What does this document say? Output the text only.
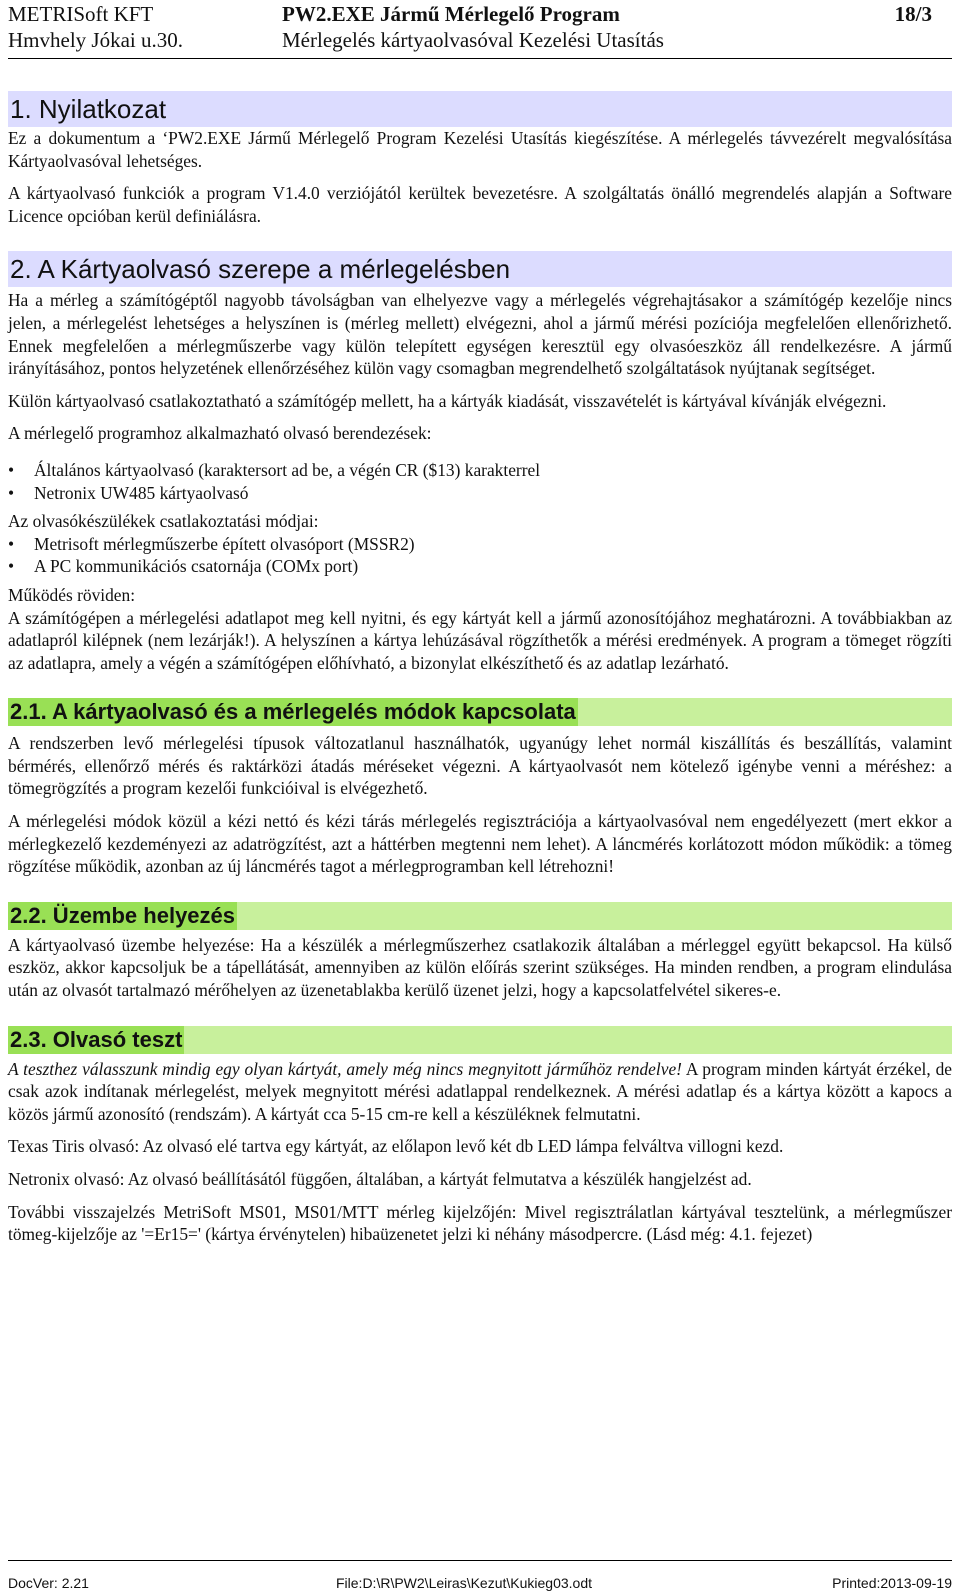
METRISoft KFT
Hmvhely Jókai u.30.
PW2.EXE Jármű Mérlegelő Program
Mérlegelés kártyaolvasóval Kezelési Utasítás
18/3
1. Nyilatkozat

Ez a dokumentum a ‘PW2.EXE Jármű Mérlegelő Program Kezelési Utasítás kiegészítése. A mérlegelés távvezérelt megvalósítása Kártyaolvasóval lehetséges.

A kártyaolvasó funkciók a program V1.4.0 verziójától kerültek bevezetésre. A szolgáltatás önálló megrendelés alapján a Software Licence opcióban kerül definiálásra.

2. A Kártyaolvasó szerepe a mérlegelésben

Ha a mérleg a számítógéptől nagyobb távolságban van elhelyezve vagy a mérlegelés végrehajtásakor a számítógép kezelője nincs jelen, a mérlegelést lehetséges a helyszínen is (mérleg mellett) elvégezni, ahol a jármű mérési pozíciója megfelelően ellenőrizhető. Ennek megfelelően a mérlegműszerbe vagy külön telepített egységen keresztül egy olvasóeszköz áll rendelkezésre. A jármű irányításához, pontos helyzetének ellenőrzéséhez külön vagy csomagban megrendelhető szolgáltatások nyújtanak segítséget.

Külön kártyaolvasó csatlakoztatható a számítógép mellett, ha a kártyák kiadását, visszavételét is kártyával kívánják elvégezni.

A mérlegelő programhoz alkalmazható olvasó berendezések:

• Általános kártyaolvasó (karaktersort ad be, a végén CR ($13) karakterrel
• Netronix UW485 kártyaolvasó

Az olvasókészülékek csatlakoztatási módjai:

• Metrisoft mérlegműszerbe épített olvasóport (MSSR2)
• A PC kommunikációs csatornája (COMx port)

Működés röviden:

A számítógépen a mérlegelési adatlapot meg kell nyitni, és egy kártyát kell a jármű azonosítójához meghatározni. A továbbiakban az adatlapról kilépnek (nem lezárják!). A helyszínen a kártya lehúzásával rögzíthetők a mérési eredmények. A program a tömeget rögzíti az adatlapra, amely a végén a számítógépen előhívható, a bizonylat elkészíthető és az adatlap lezárható.

2.1. A kártyaolvasó és a mérlegelés módok kapcsolata

A rendszerben levő mérlegelési típusok változatlanul használhatók, ugyanúgy lehet normál kiszállítás és beszállítás, valamint bérmérés, ellenőrző mérés és raktárközi átadás méréseket végezni. A kártyaolvasót nem kötelező igénybe venni a méréshez: a tömegrögzítés a program kezelői funkcióival is elvégezhető.

A mérlegelési módok közül a kézi nettó és kézi tárás mérlegelés regisztrációja a kártyaolvasóval nem engedélyezett (mert ekkor a mérlegkezelő kezdeményezi az adatrögzítést, azt a háttérben megtenni nem lehet). A láncmérés korlátozott módon működik: a tömeg rögzítése működik, azonban az új láncmérés tagot a mérlegprogramban kell létrehozni!

2.2. Üzembe helyezés

A kártyaolvasó üzembe helyezése: Ha a készülék a mérlegműszerhez csatlakozik általában a mérleggel együtt bekapcsol. Ha külső eszköz, akkor kapcsoljuk be a tápellátását, amennyiben az külön előírás szerint szükséges. Ha minden rendben, a program elindulása után az olvasót tartalmazó mérőhelyen az üzenetablakba kerülő üzenet jelzi, hogy a kapcsolatfelvétel sikeres-e.

2.3. Olvasó teszt

A teszthez válasszunk mindig egy olyan kártyát, amely még nincs megnyitott járműhöz rendelve! A program minden kártyát érzékel, de csak azok indítanak mérlegelést, melyek megnyitott mérési adatlappal rendelkeznek. A mérési adatlap és a kártya között a kapocs a közös jármű azonosító (rendszám). A kártyát cca 5-15 cm-re kell a készüléknek felmutatni.

Texas Tiris olvasó: Az olvasó elé tartva egy kártyát, az előlapon levő két db LED lámpa felváltva villogni kezd.

Netronix olvasó: Az olvasó beállításától függően, általában, a kártyát felmutatva a készülék hangjelzést ad.

További visszajelzés MetriSoft MS01, MS01/MTT mérleg kijelzőjén: Mivel regisztrálatlan kártyával tesztelünk, a mérlegműszer tömeg-kijelzője az '=Er15=' (kártya érvénytelen) hibaüzenetet jelzi ki néhány másodpercre. (Lásd még: 4.1. fejezet)

DocVer: 2.21	File:D:\R\PW2\Leiras\Kezut\Kukieg03.odt	Printed:2013-09-19
